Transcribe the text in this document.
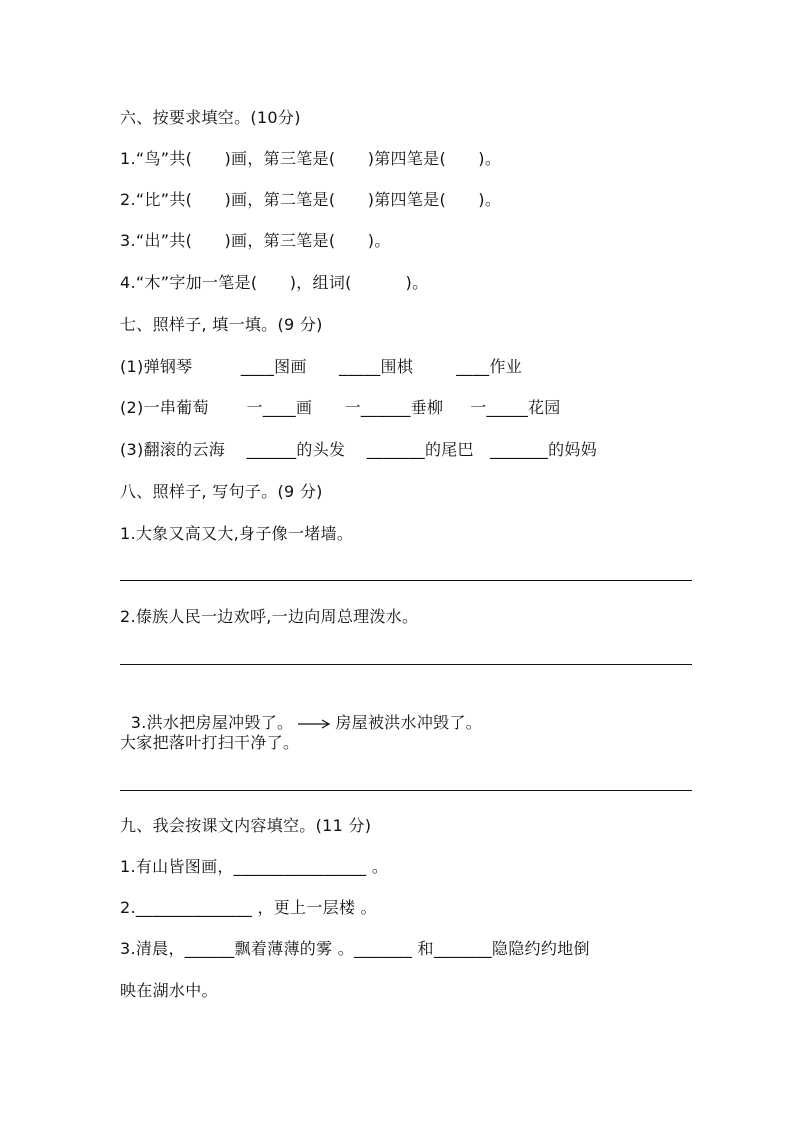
六、按要求填空。(10分)

1.“鸟”共(      )画，第三笔是(      )第四笔是(      )。

2.“比”共(      )画，第二笔是(      )第四笔是(      )。

3.“出”共(      )画，第三笔是(      )。

4.“木”字加一笔是(      )，组词(          )。

七、照样子, 填一填。(9 分)

(1)弹钢琴         ____图画      _____围棋        ____作业

(2)一串葡萄       一____画      一______垂柳     一_____花园

(3)翻滚的云海    ______的头发    _______的尾巴   _______的妈妈

八、照样子, 写句子。(9 分)

1.大象又高又大,身子像一堵墙。

2.傣族人民一边欢呼,一边向周总理泼水。

3.洪水把房屋冲毁了。	房屋被洪水冲毁了。

大家把落叶打扫干净了。

九、我会按课文内容填空。(11 分)

1.有山皆图画，________________ 。

2.______________ ，更上一层楼 。

3.清晨，______飘着薄薄的雾 。_______ 和_______隐隐约约地倒

映在湖水中。
